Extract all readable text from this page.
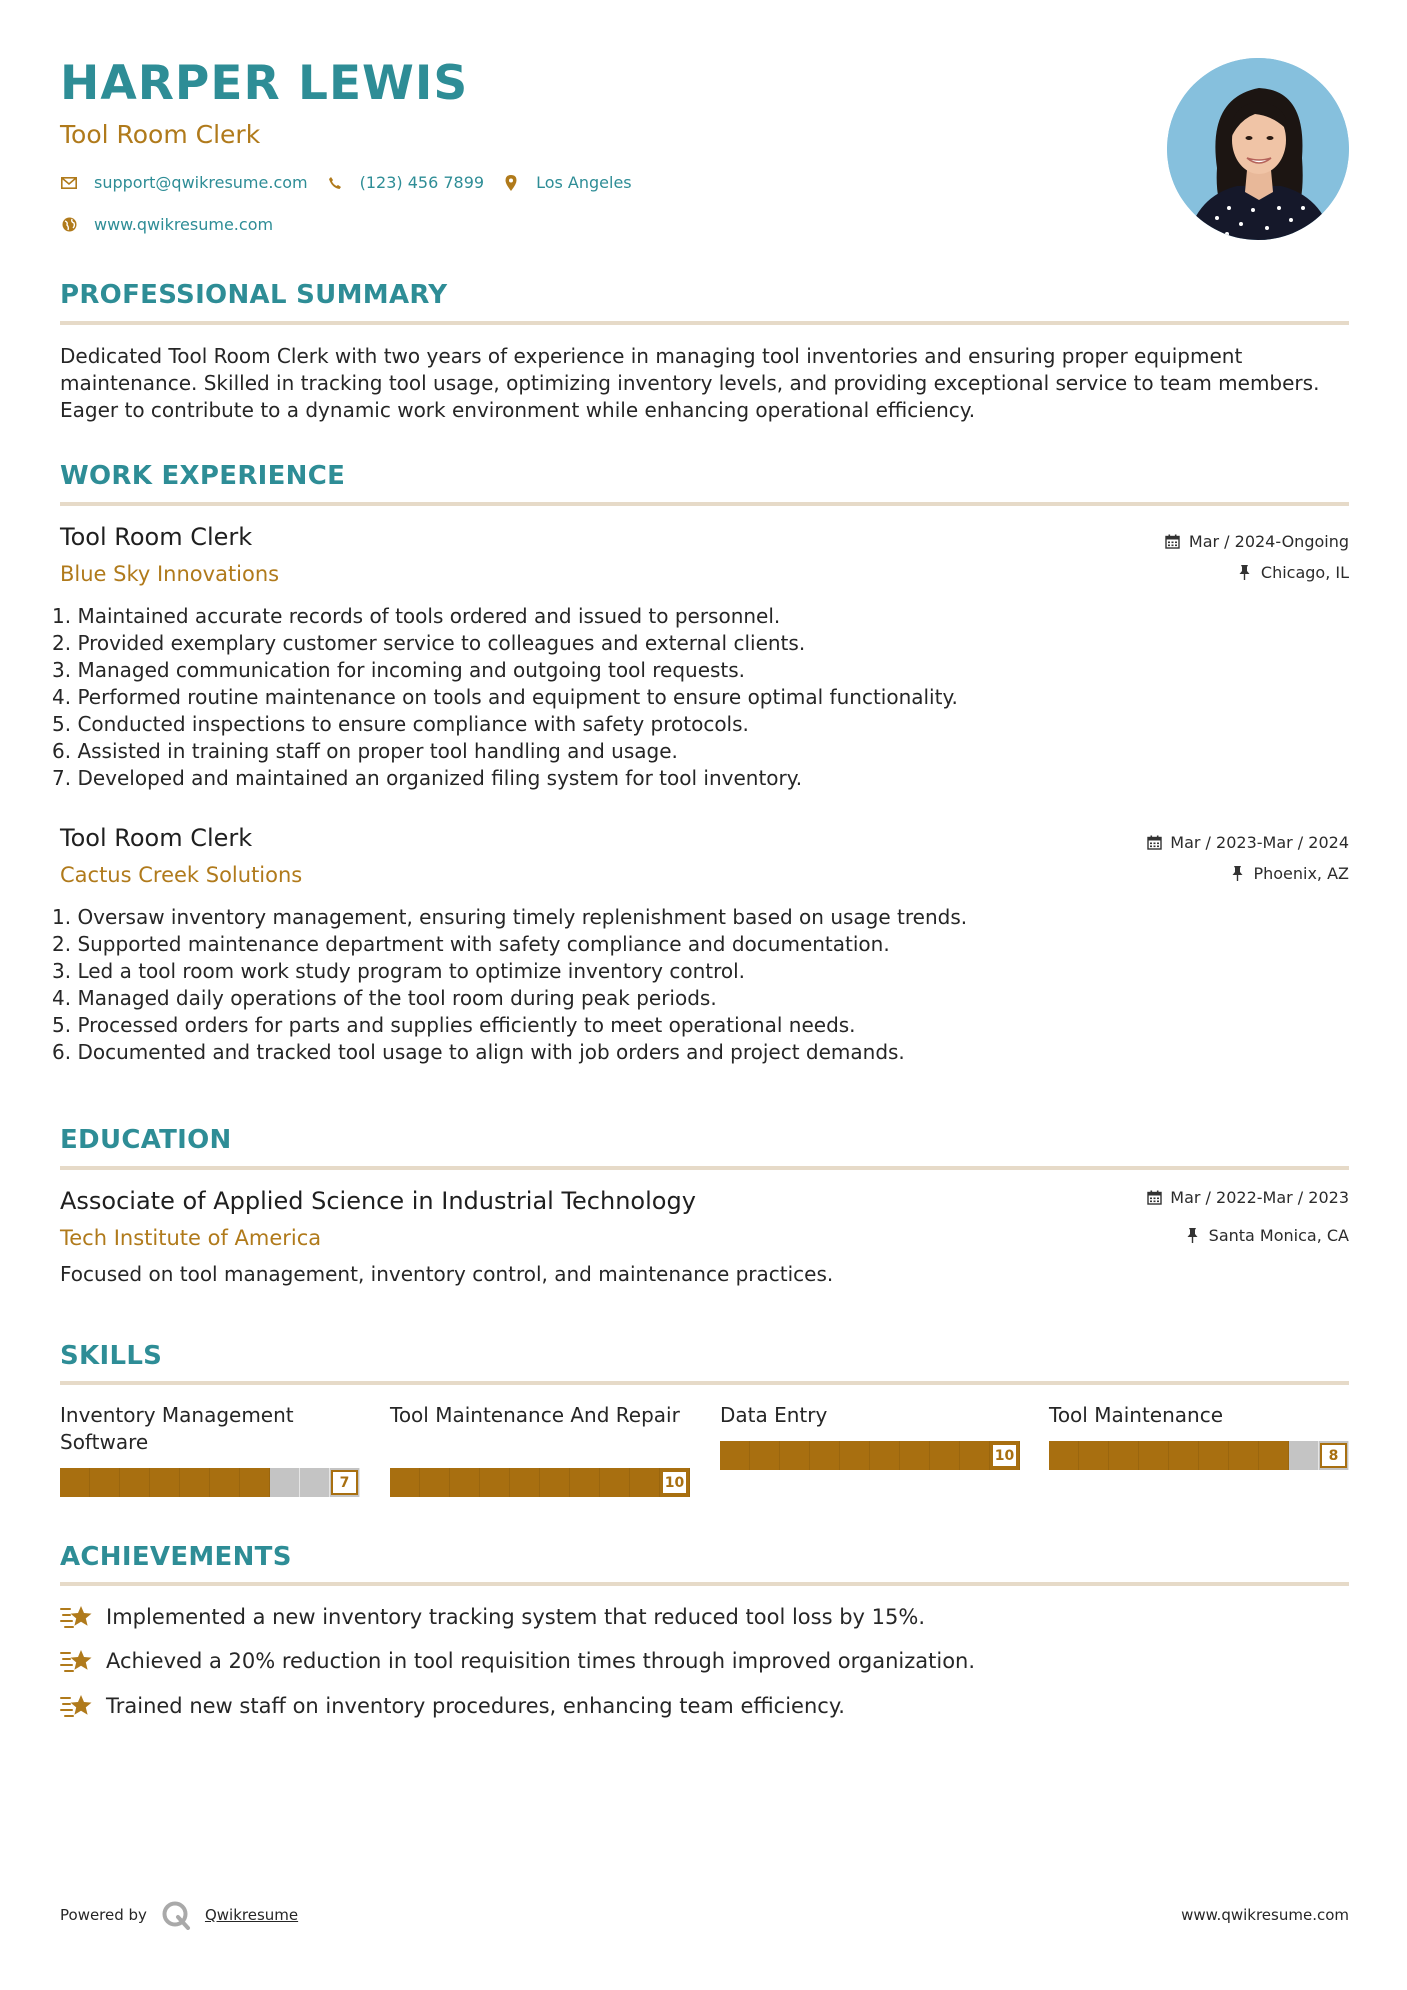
HARPER LEWIS
Tool Room Clerk
support@qwikresume.com	(123) 456 7899	Los Angeles
www.qwikresume.com
PROFESSIONAL SUMMARY
Dedicated Tool Room Clerk with two years of experience in managing tool inventories and ensuring proper equipment maintenance. Skilled in tracking tool usage, optimizing inventory levels, and providing exceptional service to team members. Eager to contribute to a dynamic work environment while enhancing operational efficiency.
WORK EXPERIENCE
Tool Room Clerk
Blue Sky Innovations
Mar / 2024-Ongoing
Chicago, IL
1. Maintained accurate records of tools ordered and issued to personnel.
2. Provided exemplary customer service to colleagues and external clients.
3. Managed communication for incoming and outgoing tool requests.
4. Performed routine maintenance on tools and equipment to ensure optimal functionality.
5. Conducted inspections to ensure compliance with safety protocols.
6. Assisted in training staff on proper tool handling and usage.
7. Developed and maintained an organized filing system for tool inventory.
Tool Room Clerk
Cactus Creek Solutions
Mar / 2023-Mar / 2024
Phoenix, AZ
1. Oversaw inventory management, ensuring timely replenishment based on usage trends.
2. Supported maintenance department with safety compliance and documentation.
3. Led a tool room work study program to optimize inventory control.
4. Managed daily operations of the tool room during peak periods.
5. Processed orders for parts and supplies efficiently to meet operational needs.
6. Documented and tracked tool usage to align with job orders and project demands.
EDUCATION
Associate of Applied Science in Industrial Technology
Tech Institute of America
Mar / 2022-Mar / 2023
Santa Monica, CA
Focused on tool management, inventory control, and maintenance practices.
SKILLS
Inventory Management Software
7
Tool Maintenance And Repair
10
Data Entry
10
Tool Maintenance
8
ACHIEVEMENTS
Implemented a new inventory tracking system that reduced tool loss by 15%.
Achieved a 20% reduction in tool requisition times through improved organization.
Trained new staff on inventory procedures, enhancing team efficiency.
Powered by	Qwikresume	www.qwikresume.com
